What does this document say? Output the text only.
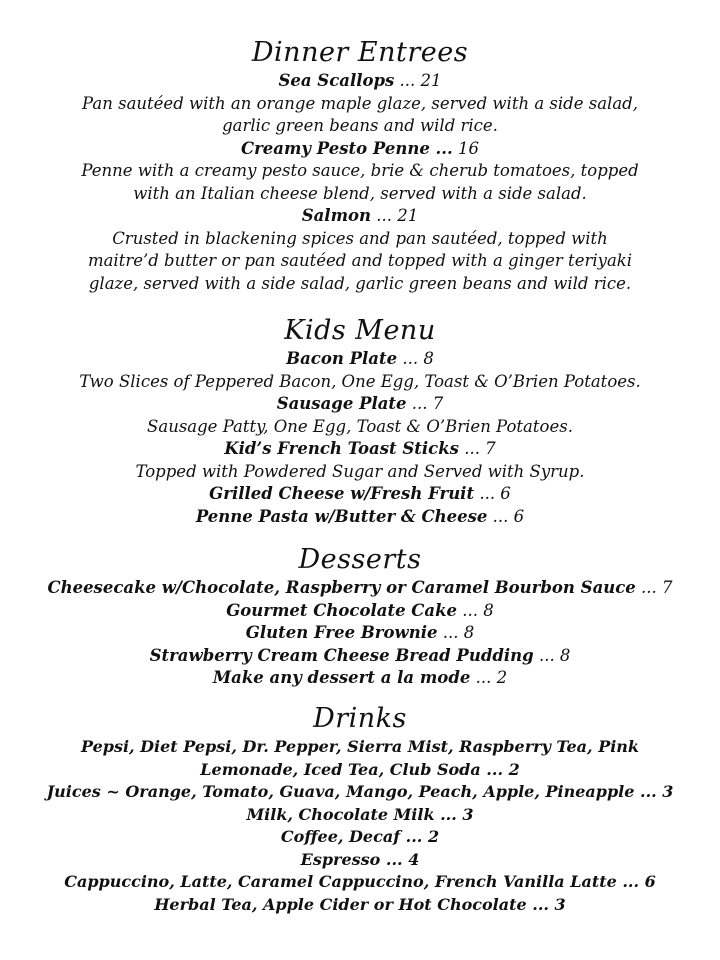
Dinner Entrees

Sea Scallops ... 21

Pan sautéed with an orange maple glaze, served with a side salad, garlic green beans and wild rice.

Creamy Pesto Penne ... 16

Penne with a creamy pesto sauce, brie & cherub tomatoes, topped with an Italian cheese blend, served with a side salad.

Salmon ... 21

Crusted in blackening spices and pan sautéed, topped with maitre’d butter or pan sautéed and topped with a ginger teriyaki glaze, served with a side salad, garlic green beans and wild rice.

Kids Menu

Bacon Plate ... 8

Two Slices of Peppered Bacon, One Egg, Toast & O’Brien Potatoes.

Sausage Plate ... 7

Sausage Patty, One Egg, Toast & O’Brien Potatoes.

Kid’s French Toast Sticks ... 7

Topped with Powdered Sugar and Served with Syrup.

Grilled Cheese w/Fresh Fruit ... 6

Penne Pasta w/Butter & Cheese ... 6

Desserts

Cheesecake w/Chocolate, Raspberry or Caramel Bourbon Sauce ... 7

Gourmet Chocolate Cake ... 8

Gluten Free Brownie ... 8

Strawberry Cream Cheese Bread Pudding ... 8

Make any dessert a la mode ... 2

Drinks

Pepsi, Diet Pepsi, Dr. Pepper, Sierra Mist, Raspberry Tea, Pink Lemonade, Iced Tea, Club Soda ... 2

Juices ~ Orange, Tomato, Guava, Mango, Peach, Apple, Pineapple ... 3

Milk, Chocolate Milk ... 3

Coffee, Decaf ... 2

Espresso ... 4

Cappuccino, Latte, Caramel Cappuccino, French Vanilla Latte ... 6

Herbal Tea, Apple Cider or Hot Chocolate ... 3
